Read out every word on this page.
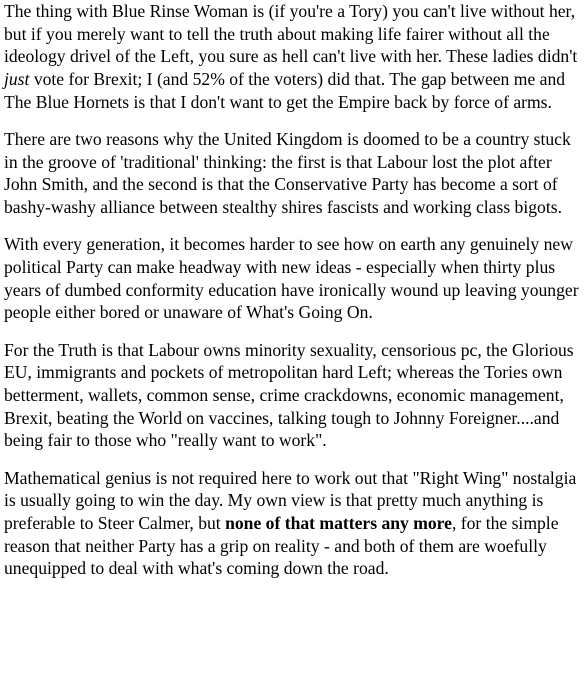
The thing with Blue Rinse Woman is (if you're a Tory) you can't live without her, but if you merely want to tell the truth about making life fairer without all the ideology drivel of the Left, you sure as hell can't live with her. These ladies didn't just vote for Brexit; I (and 52% of the voters) did that. The gap between me and The Blue Hornets is that I don't want to get the Empire back by force of arms.

There are two reasons why the United Kingdom is doomed to be a country stuck in the groove of 'traditional' thinking: the first is that Labour lost the plot after John Smith, and the second is that the Conservative Party has become a sort of bashy-washy alliance between stealthy shires fascists and working class bigots.

With every generation, it becomes harder to see how on earth any genuinely new political Party can make headway with new ideas - especially when thirty plus years of dumbed conformity education have ironically wound up leaving younger people either bored or unaware of What's Going On.

For the Truth is that Labour owns minority sexuality, censorious pc, the Glorious EU, immigrants and pockets of metropolitan hard Left; whereas the Tories own betterment, wallets, common sense, crime crackdowns, economic management, Brexit, beating the World on vaccines, talking tough to Johnny Foreigner....and being fair to those who "really want to work".

Mathematical genius is not required here to work out that "Right Wing" nostalgia is usually going to win the day. My own view is that pretty much anything is preferable to Steer Calmer, but none of that matters any more, for the simple reason that neither Party has a grip on reality - and both of them are woefully unequipped to deal with what's coming down the road.
